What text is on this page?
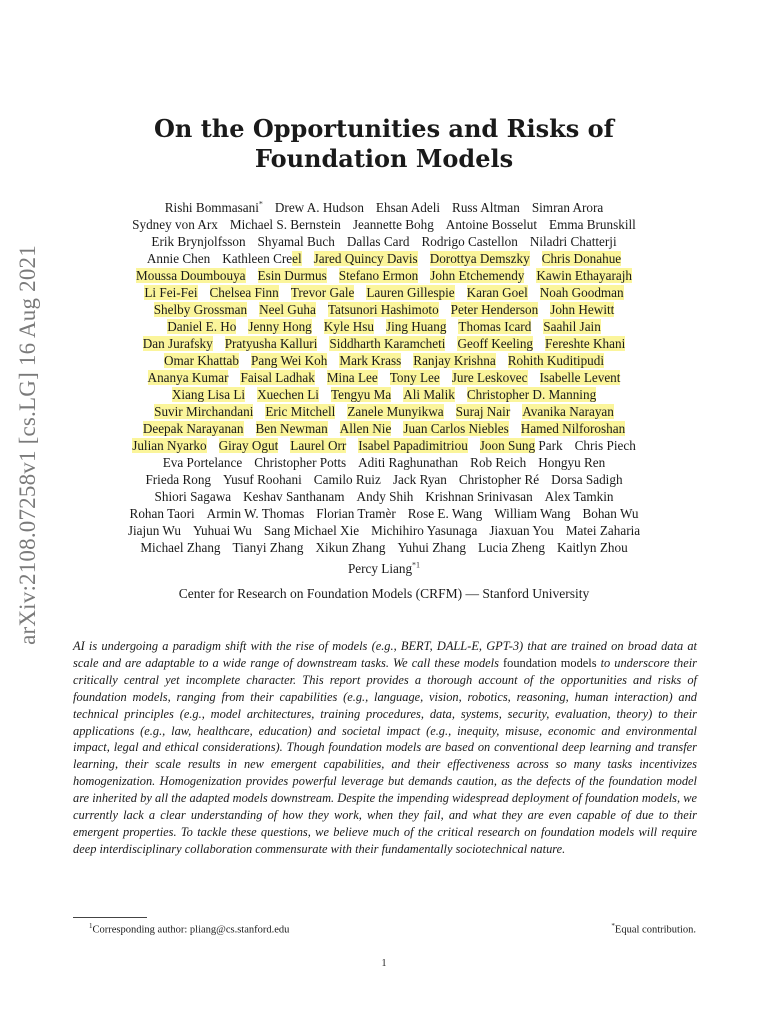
arXiv:2108.07258v1 [cs.LG] 16 Aug 2021
On the Opportunities and Risks of
Foundation Models
Rishi Bommasani* Drew A. Hudson Ehsan Adeli Russ Altman Simran Arora
Sydney von Arx Michael S. Bernstein Jeannette Bohg Antoine Bosselut Emma Brunskill
Erik Brynjolfsson Shyamal Buch Dallas Card Rodrigo Castellon Niladri Chatterji
Annie Chen Kathleen Creel Jared Quincy Davis Dorottya Demszky Chris Donahue
Moussa Doumbouya Esin Durmus Stefano Ermon John Etchemendy Kawin Ethayarajh
Li Fei-Fei Chelsea Finn Trevor Gale Lauren Gillespie Karan Goel Noah Goodman
Shelby Grossman Neel Guha Tatsunori Hashimoto Peter Henderson John Hewitt
Daniel E. Ho Jenny Hong Kyle Hsu Jing Huang Thomas Icard Saahil Jain
Dan Jurafsky Pratyusha Kalluri Siddharth Karamcheti Geoff Keeling Fereshte Khani
Omar Khattab Pang Wei Koh Mark Krass Ranjay Krishna Rohith Kuditipudi
Ananya Kumar Faisal Ladhak Mina Lee Tony Lee Jure Leskovec Isabelle Levent
Xiang Lisa Li Xuechen Li Tengyu Ma Ali Malik Christopher D. Manning
Suvir Mirchandani Eric Mitchell Zanele Munyikwa Suraj Nair Avanika Narayan
Deepak Narayanan Ben Newman Allen Nie Juan Carlos Niebles Hamed Nilforoshan
Julian Nyarko Giray Ogut Laurel Orr Isabel Papadimitriou Joon Sung Park Chris Piech
Eva Portelance Christopher Potts Aditi Raghunathan Rob Reich Hongyu Ren
Frieda Rong Yusuf Roohani Camilo Ruiz Jack Ryan Christopher Ré Dorsa Sadigh
Shiori Sagawa Keshav Santhanam Andy Shih Krishnan Srinivasan Alex Tamkin
Rohan Taori Armin W. Thomas Florian Tramèr Rose E. Wang William Wang Bohan Wu
Jiajun Wu Yuhuai Wu Sang Michael Xie Michihiro Yasunaga Jiaxuan You Matei Zaharia
Michael Zhang Tianyi Zhang Xikun Zhang Yuhui Zhang Lucia Zheng Kaitlyn Zhou
Percy Liang$^{*1}$
Center for Research on Foundation Models (CRFM) — Stanford University
AI is undergoing a paradigm shift with the rise of models (e.g., BERT, DALL-E, GPT-3) that are trained on broad data at scale and are adaptable to a wide range of downstream tasks. We call these models foundation models to underscore their critically central yet incomplete character. This report provides a thorough account of the opportunities and risks of foundation models, ranging from their capabilities (e.g., language, vision, robotics, reasoning, human interaction) and technical principles (e.g., model architectures, training procedures, data, systems, security, evaluation, theory) to their applications (e.g., law, healthcare, education) and societal impact (e.g., inequity, misuse, economic and environmental impact, legal and ethical considerations). Though foundation models are based on conventional deep learning and transfer learning, their scale results in new emergent capabilities, and their effectiveness across so many tasks incentivizes homogenization. Homogenization provides powerful leverage but demands caution, as the defects of the foundation model are inherited by all the adapted models downstream. Despite the impending widespread deployment of foundation models, we currently lack a clear understanding of how they work, when they fail, and what they are even capable of due to their emergent properties. To tackle these questions, we believe much of the critical research on foundation models will require deep interdisciplinary collaboration commensurate with their fundamentally sociotechnical nature.
$^1$Corresponding author: pliang@cs.stanford.edu	*Equal contribution.
1
